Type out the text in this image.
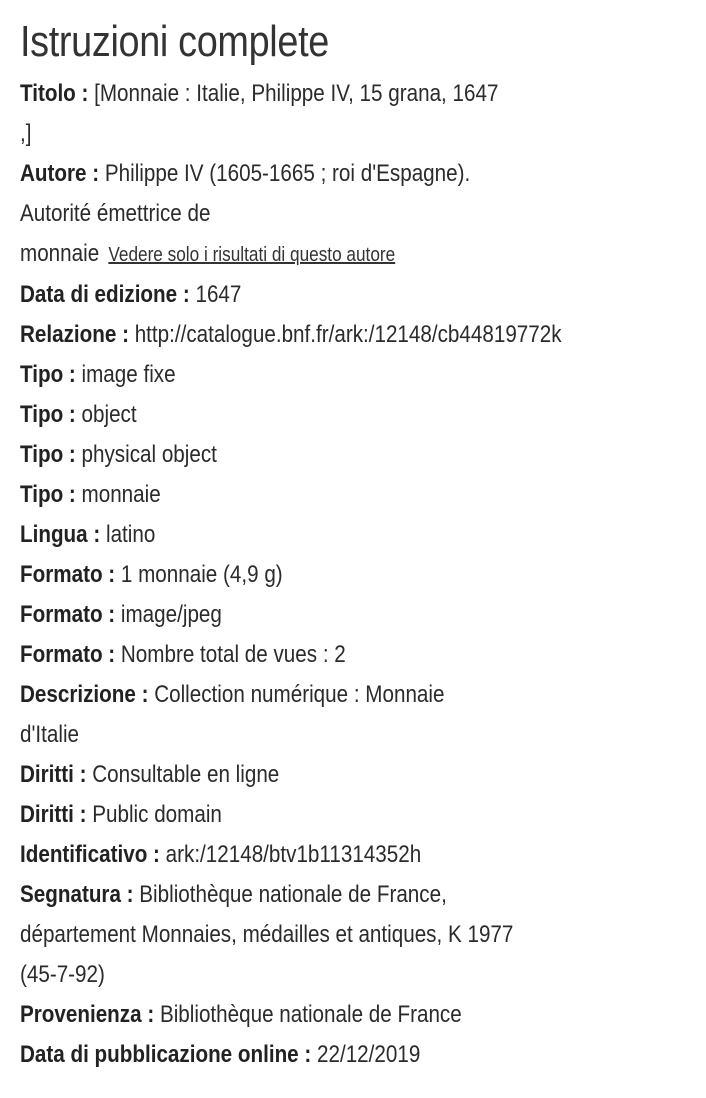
Istruzioni complete
Titolo : [Monnaie : Italie, Philippe IV, 15 grana, 1647
,]
Autore : Philippe IV (1605-1665 ; roi d'Espagne).
Autorité émettrice de
monnaie Vedere solo i risultati di questo autore
Data di edizione : 1647
Relazione : http://catalogue.bnf.fr/ark:/12148/cb44819772k
Tipo : image fixe
Tipo : object
Tipo : physical object
Tipo : monnaie
Lingua : latino
Formato : 1 monnaie (4,9 g)
Formato : image/jpeg
Formato : Nombre total de vues : 2
Descrizione : Collection numérique : Monnaie
d'Italie
Diritti : Consultable en ligne
Diritti : Public domain
Identificativo : ark:/12148/btv1b11314352h
Segnatura : Bibliothèque nationale de France,
département Monnaies, médailles et antiques, K 1977
(45-7-92)
Provenienza : Bibliothèque nationale de France
Data di pubblicazione online : 22/12/2019
